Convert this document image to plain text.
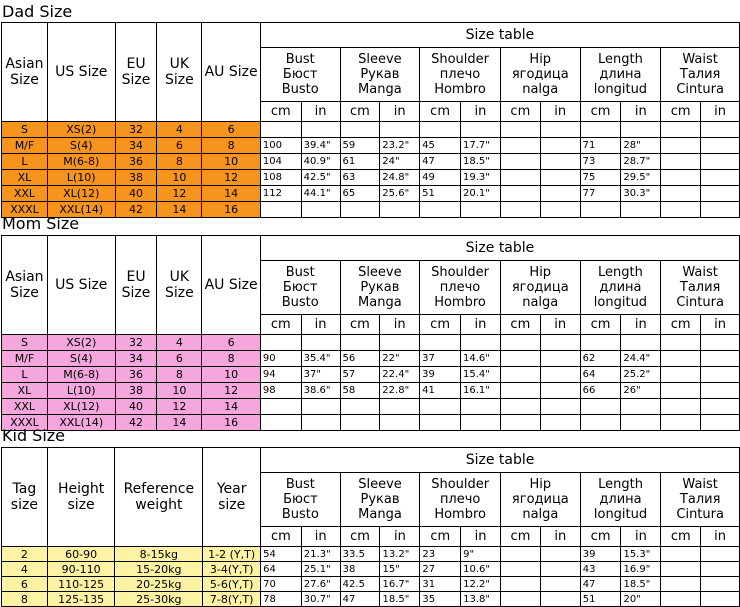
Dad Size
Asian Size	US Size	EU Size	UK Size	AU Size	Size table											

					Bust
Бюст
Busto		Sleeve
Рукав
Manga		Shoulder
плечо
Hombro		Hip
ягодица
nalga		Length
длина
longitud		Waist
Талия
Cintura	

					cm	in	cm	in	cm	in	cm	in	cm	in	cm	in
S	XS(2)	32	4	6												
M/F	S(4)	34	6	8	100	39.4"	59	23.2"	45	17.7"			71	28"		
L	M(6-8)	36	8	10	104	40.9"	61	24"	47	18.5"			73	28.7"		
XL	L(10)	38	10	12	108	42.5"	63	24.8"	49	19.3"			75	29.5"		
XXL	XL(12)	40	12	14	112	44.1"	65	25.6"	51	20.1"			77	30.3"		
XXXL	XXL(14)	42	14	16												
Mom Size
Asian Size	US Size	EU Size	UK Size	AU Size	Size table											

					Bust
Бюст
Busto		Sleeve
Рукав
Manga		Shoulder
плечо
Hombro		Hip
ягодица
nalga		Length
длина
longitud		Waist
Талия
Cintura	

					cm	in	cm	in	cm	in	cm	in	cm	in	cm	in
S	XS(2)	32	4	6												
M/F	S(4)	34	6	8	90	35.4"	56	22"	37	14.6"			62	24.4"		
L	M(6-8)	36	8	10	94	37"	57	22.4"	39	15.4"			64	25.2"		
XL	L(10)	38	10	12	98	38.6"	58	22.8"	41	16.1"			66	26"		
XXL	XL(12)	40	12	14												
XXXL	XXL(14)	42	14	16												
Kid Size
Tag size	Height size	Reference weight	Year size	Size table											

				Bust
Бюст
Busto		Sleeve
Рукав
Manga		Shoulder
плечо
Hombro		Hip
ягодица
nalga		Length
длина
longitud		Waist
Талия
Cintura	

				cm	in	cm	in	cm	in	cm	in	cm	in	cm	in
2	60-90	8-15kg	1-2 (Y,T)	54	21.3"	33.5	13.2"	23	9"			39	15.3"		
4	90-110	15-20kg	3-4(Y,T)	64	25.1"	38	15"	27	10.6"			43	16.9"		
6	110-125	20-25kg	5-6(Y,T)	70	27.6"	42.5	16.7"	31	12.2"			47	18.5"		
8	125-135	25-30kg	7-8(Y,T)	78	30.7"	47	18.5"	35	13.8"			51	20"		
